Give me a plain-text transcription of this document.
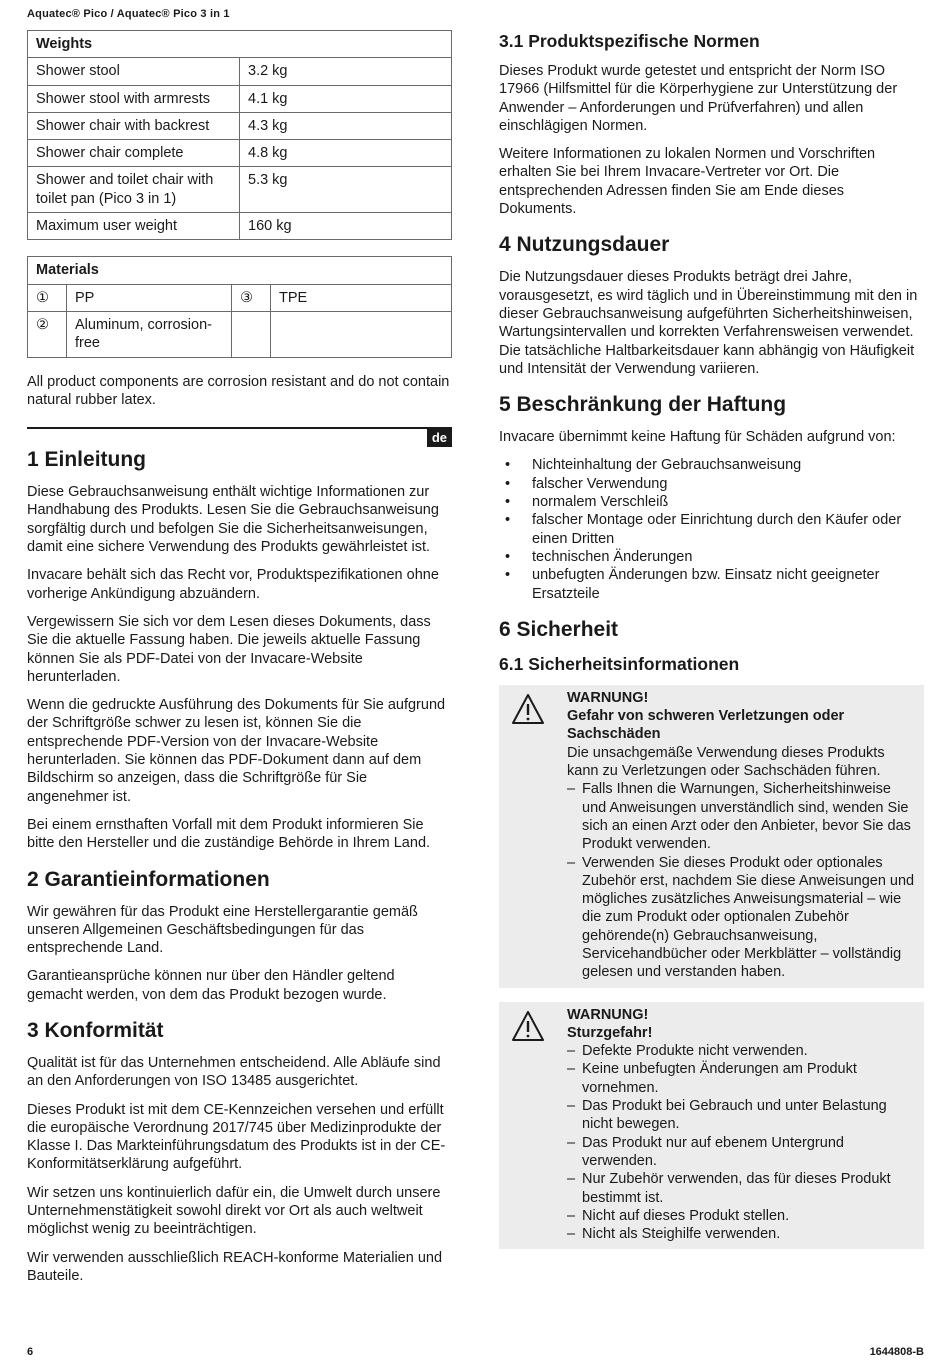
Aquatec® Pico / Aquatec® Pico 3 in 1
Weights	
Shower stool	3.2 kg
Shower stool with armrests	4.1 kg
Shower chair with backrest	4.3 kg
Shower chair complete	4.8 kg
Shower and toilet chair with toilet pan (Pico 3 in 1)	5.3 kg
Maximum user weight	160 kg
Materials			
①	PP	③	TPE
②	Aluminum, corrosion-free		

All product components are corrosion resistant and do not contain natural rubber latex.

de
1 Einleitung

Diese Gebrauchsanweisung enthält wichtige Informationen zur Handhabung des Produkts. Lesen Sie die Gebrauchsanweisung sorgfältig durch und befolgen Sie die Sicherheitsanweisungen, damit eine sichere Verwendung des Produkts gewährleistet ist.

Invacare behält sich das Recht vor, Produktspezifikationen ohne vorherige Ankündigung abzuändern.

Vergewissern Sie sich vor dem Lesen dieses Dokuments, dass Sie die aktuelle Fassung haben. Die jeweils aktuelle Fassung können Sie als PDF-Datei von der Invacare-Website herunterladen.

Wenn die gedruckte Ausführung des Dokuments für Sie aufgrund der Schriftgröße schwer zu lesen ist, können Sie die entsprechende PDF-Version von der Invacare-Website herunterladen. Sie können das PDF-Dokument dann auf dem Bildschirm so anzeigen, dass die Schriftgröße für Sie angenehmer ist.

Bei einem ernsthaften Vorfall mit dem Produkt informieren Sie bitte den Hersteller und die zuständige Behörde in Ihrem Land.

2 Garantieinformationen

Wir gewähren für das Produkt eine Herstellergarantie gemäß unseren Allgemeinen Geschäftsbedingungen für das entsprechende Land.

Garantieansprüche können nur über den Händler geltend gemacht werden, von dem das Produkt bezogen wurde.

3 Konformität

Qualität ist für das Unternehmen entscheidend. Alle Abläufe sind an den Anforderungen von ISO 13485 ausgerichtet.

Dieses Produkt ist mit dem CE-Kennzeichen versehen und erfüllt die europäische Verordnung 2017/745 über Medizinprodukte der Klasse I. Das Markteinführungsdatum des Produkts ist in der CE-Konformitätserklärung aufgeführt.

Wir setzen uns kontinuierlich dafür ein, die Umwelt durch unsere Unternehmenstätigkeit sowohl direkt vor Ort als auch weltweit möglichst wenig zu beeinträchtigen.

Wir verwenden ausschließlich REACH-konforme Materialien und Bauteile.

3.1 Produktspezifische Normen

Dieses Produkt wurde getestet und entspricht der Norm ISO 17966 (Hilfsmittel für die Körperhygiene zur Unterstützung der Anwender – Anforderungen und Prüfverfahren) und allen einschlägigen Normen.

Weitere Informationen zu lokalen Normen und Vorschriften erhalten Sie bei Ihrem Invacare-Vertreter vor Ort. Die entsprechenden Adressen finden Sie am Ende dieses Dokuments.

4 Nutzungsdauer

Die Nutzungsdauer dieses Produkts beträgt drei Jahre, vorausgesetzt, es wird täglich und in Übereinstimmung mit den in dieser Gebrauchsanweisung aufgeführten Sicherheitshinweisen, Wartungsintervallen und korrekten Verfahrensweisen verwendet. Die tatsächliche Haltbarkeitsdauer kann abhängig von Häufigkeit und Intensität der Verwendung variieren.

5 Beschränkung der Haftung

Invacare übernimmt keine Haftung für Schäden aufgrund von:

• Nichteinhaltung der Gebrauchsanweisung
• falscher Verwendung
• normalem Verschleiß
• falscher Montage oder Einrichtung durch den Käufer oder einen Dritten
• technischen Änderungen
• unbefugten Änderungen bzw. Einsatz nicht geeigneter Ersatzteile
6 Sicherheit
6.1 Sicherheitsinformationen
WARNUNG!
Gefahr von schweren Verletzungen oder Sachschäden
Die unsachgemäße Verwendung dieses Produkts kann zu Verletzungen oder Sachschäden führen.
– Falls Ihnen die Warnungen, Sicherheitshinweise und Anweisungen unverständlich sind, wenden Sie sich an einen Arzt oder den Anbieter, bevor Sie das Produkt verwenden.
– Verwenden Sie dieses Produkt oder optionales Zubehör erst, nachdem Sie diese Anweisungen und mögliches zusätzliches Anweisungsmaterial – wie die zum Produkt oder optionalen Zubehör gehörende(n) Gebrauchsanweisung, Servicehandbücher oder Merkblätter – vollständig gelesen und verstanden haben.
WARNUNG!
Sturzgefahr!
– Defekte Produkte nicht verwenden.
– Keine unbefugten Änderungen am Produkt vornehmen.
– Das Produkt bei Gebrauch und unter Belastung nicht bewegen.
– Das Produkt nur auf ebenem Untergrund verwenden.
– Nur Zubehör verwenden, das für dieses Produkt bestimmt ist.
– Nicht auf dieses Produkt stellen.
– Nicht als Steighilfe verwenden.
6	1644808-B
